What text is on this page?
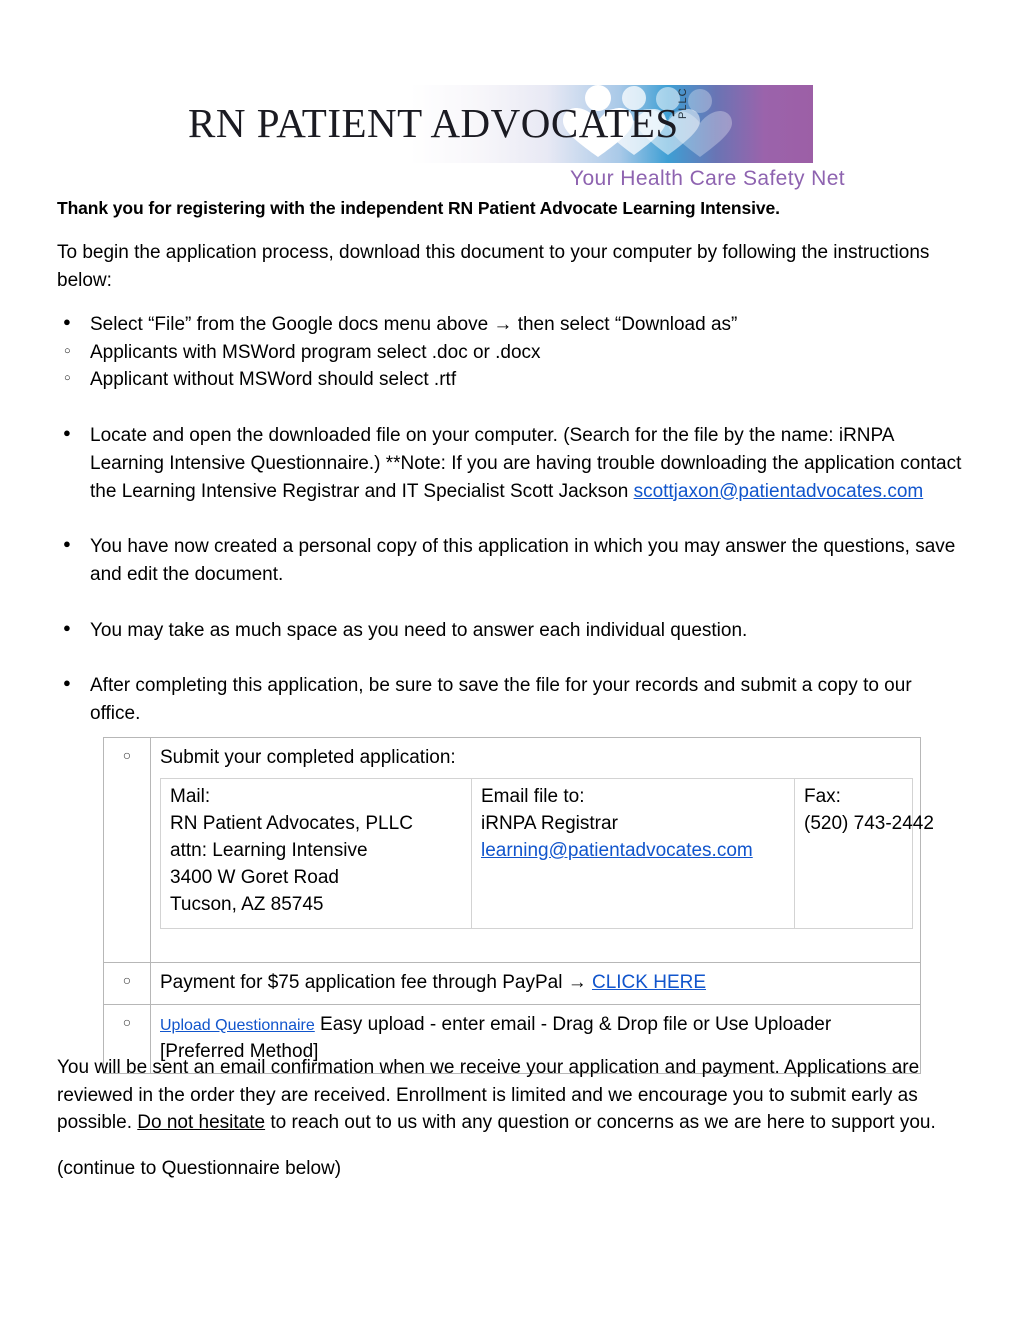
RN PATIENT ADVOCATES
PLLC
Your Health Care Safety Net

Thank you for registering with the independent RN Patient Advocate Learning Intensive.

To begin the application process, download this document to your computer by following the instructions below:

● Select “File” from the Google docs menu above → then select “Download as”
○ Applicants with MSWord program select .doc or .docx
○ Applicant without MSWord should select .rtf
● Locate and open the downloaded file on your computer. (Search for the file by the name: iRNPA Learning Intensive Questionnaire.) **Note: If you are having trouble downloading the application contact the Learning Intensive Registrar and IT Specialist Scott Jackson scottjaxon@patientadvocates.com
● You have now created a personal copy of this application in which you may answer the questions, save and edit the document.
● You may take as much space as you need to answer each individual question.
● After completing this application, be sure to save the file for your records and submit a copy to our office.
○	Submit your completed application:
Mail:
RN Patient Advocates, PLLC
attn: Learning Intensive
3400 W Goret Road
Tucson, AZ 85745

Email file to:
iRNPA Registrar
learning@patientadvocates.com

Fax:
(520) 743-2442

○	Payment for $75 application fee through PayPal → CLICK HERE
○	Upload Questionnaire Easy upload - enter email - Drag & Drop file or Use Uploader [Preferred Method]

You will be sent an email confirmation when we receive your application and payment. Applications are reviewed in the order they are received. Enrollment is limited and we encourage you to submit early as possible. Do not hesitate to reach out to us with any question or concerns as we are here to support you.

(continue to Questionnaire below)
